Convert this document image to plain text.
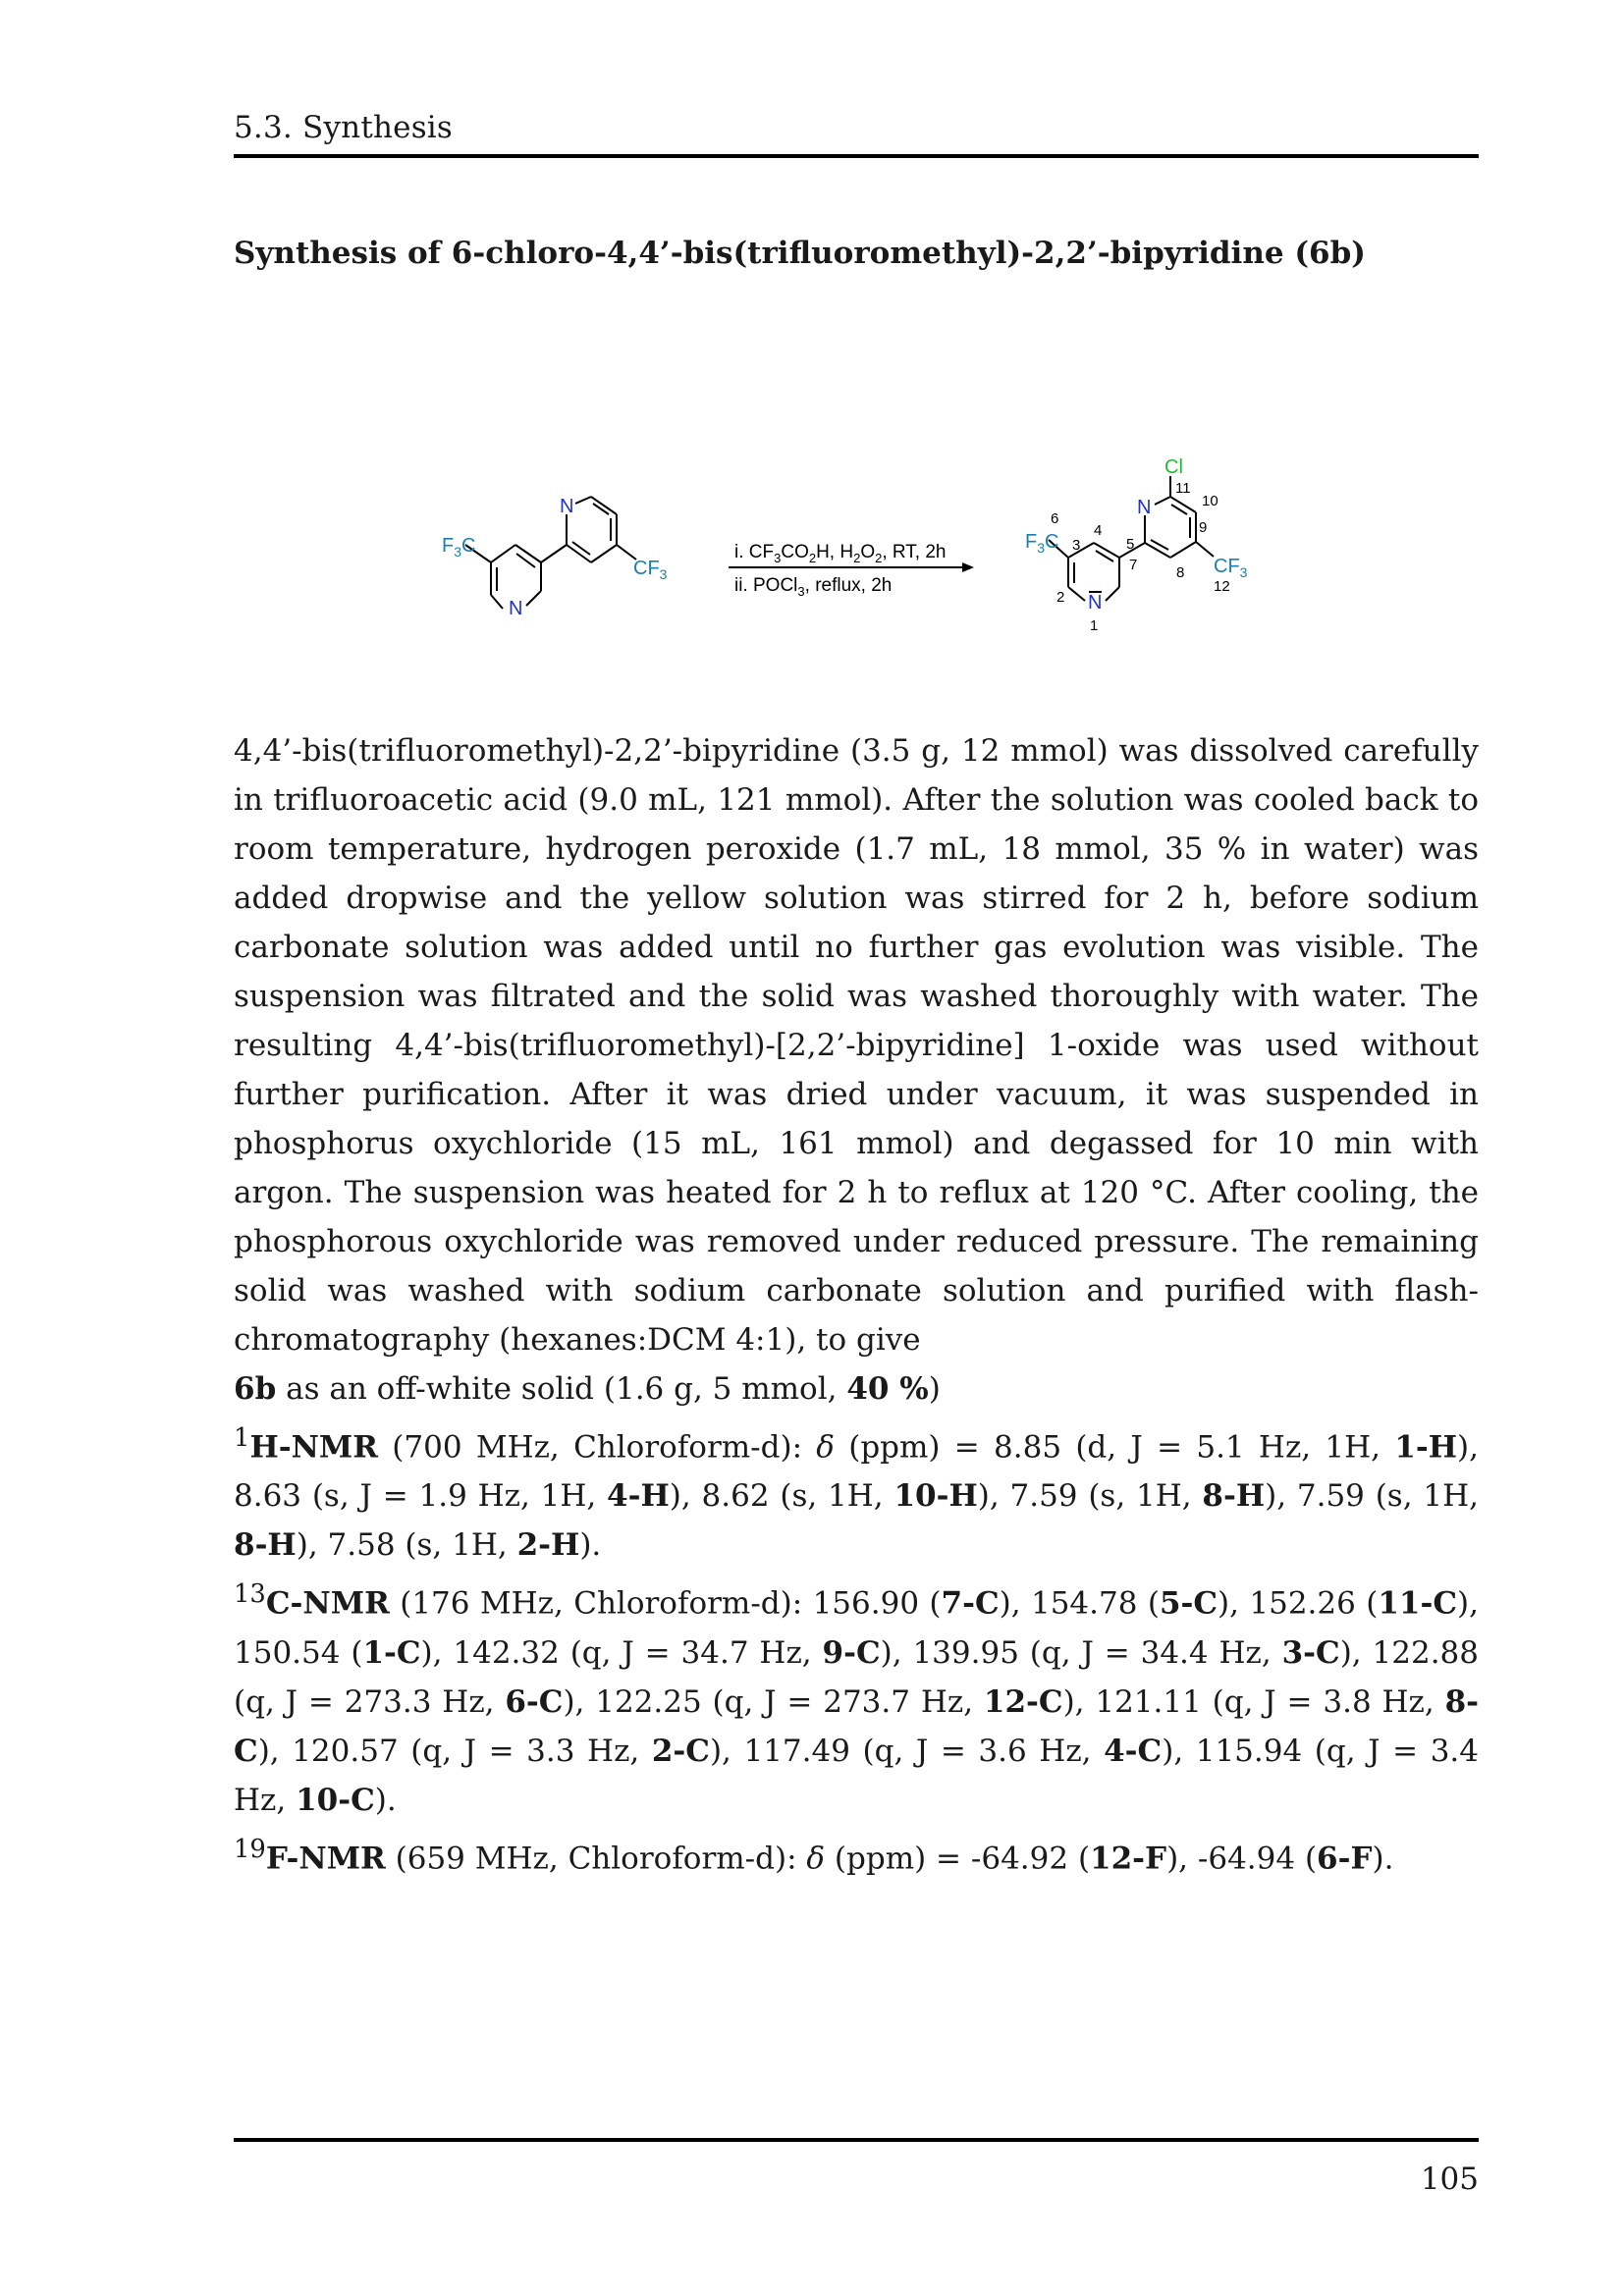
5.3. Synthesis
Synthesis of 6-chloro-4,4’-bis(trifluoromethyl)-2,2’-bipyridine (6b)
$F_3C$
$CF_3$
N
N
i. $CF_3CO_2H$, $H_2O_2$, RT, 2h
ii. POCl$_3$, reflux, 2h
Cl
$F_3C$
$CF_3$
N
N
1
2
3
4
5
6
7	8
9
10
11
12

4,4’-bis(trifluoromethyl)-2,2’-bipyridine (3.5 g, 12 mmol) was dissolved carefully in trifluoroacetic acid (9.0 mL, 121 mmol). After the solution was cooled back to room temperature, hydrogen peroxide (1.7 mL, 18 mmol, 35 % in water) was added dropwise and the yellow solution was stirred for 2 h, before sodium carbonate solution was added until no further gas evolution was visible. The suspension was filtrated and the solid was washed thoroughly with water. The resulting 4,4’-bis(trifluoromethyl)-[2,2’-bipyridine] 1-oxide was used without further purification. After it was dried under vacuum, it was suspended in phosphorus oxychloride (15 mL, 161 mmol) and degassed for 10 min with argon. The suspension was heated for 2 h to reflux at 120 °C. After cooling, the phosphorous oxychloride was removed under reduced pressure. The remaining solid was washed with sodium carbonate solution and purified with flash-chromatography (hexanes:DCM 4:1), to give
6b as an off-white solid (1.6 g, 5 mmol, 40 %)

$^1$H-NMR (700 MHz, Chloroform-d): δ (ppm) = 8.85 (d, J = 5.1 Hz, 1H, 1-H), 8.63 (s, J = 1.9 Hz, 1H, 4-H), 8.62 (s, 1H, 10-H), 7.59 (s, 1H, 8-H), 7.59 (s, 1H, 8-H), 7.58 (s, 1H, 2-H).

$^{13}$C-NMR (176 MHz, Chloroform-d): 156.90 (7-C), 154.78 (5-C), 152.26 (11-C), 150.54 (1-C), 142.32 (q, J = 34.7 Hz, 9-C), 139.95 (q, J = 34.4 Hz, 3-C), 122.88 (q, J = 273.3 Hz, 6-C), 122.25 (q, J = 273.7 Hz, 12-C), 121.11 (q, J = 3.8 Hz, 8-C), 120.57 (q, J = 3.3 Hz, 2-C), 117.49 (q, J = 3.6 Hz, 4-C), 115.94 (q, J = 3.4 Hz, 10-C).

$^{19}$F-NMR (659 MHz, Chloroform-d): δ (ppm) = -64.92 (12-F), -64.94 (6-F).

105
